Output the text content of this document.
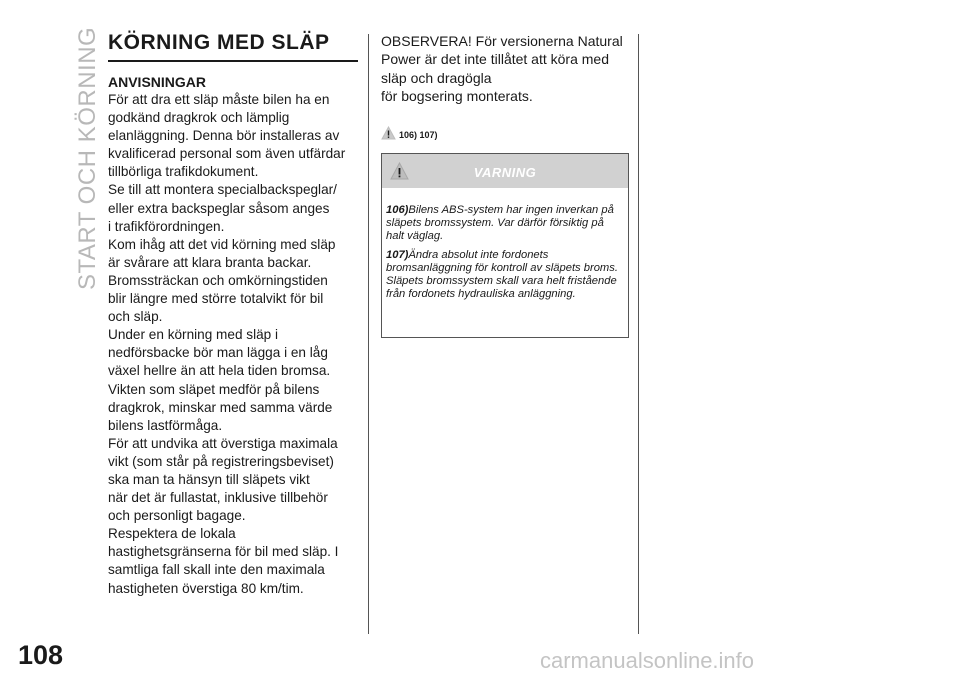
START OCH KÖRNING
108
KÖRNING MED SLÄP
ANVISNINGAR
För att dra ett släp måste bilen ha en
godkänd dragkrok och lämplig
elanläggning. Denna bör installeras av
kvalificerad personal som även utfärdar
tillbörliga trafikdokument.
Se till att montera specialbackspeglar/
eller extra backspeglar såsom anges
i trafikförordningen.
Kom ihåg att det vid körning med släp
är svårare att klara branta backar.
Bromssträckan och omkörningstiden
blir längre med större totalvikt för bil
och släp.
Under en körning med släp i
nedförsbacke bör man lägga i en låg
växel hellre än att hela tiden bromsa.
Vikten som släpet medför på bilens
dragkrok, minskar med samma värde
bilens lastförmåga.
För att undvika att överstiga maximala
vikt (som står på registreringsbeviset)
ska man ta hänsyn till släpets vikt
när det är fullastat, inklusive tillbehör
och personligt bagage.
Respektera de lokala
hastighetsgränserna för bil med släp. I
samtliga fall skall inte den maximala
hastigheten överstiga 80 km/tim.
OBSERVERA! För versionerna Natural
Power är det inte tillåtet att köra med
släp och dragögla
för bogsering monterats.
106) 107)
VARNING
106)Bilens ABS-system har ingen inverkan på släpets bromssystem. Var därför försiktig på halt väglag.
107)Ändra absolut inte fordonets bromsanläggning för kontroll av släpets broms. Släpets bromssystem skall vara helt fristående från fordonets hydrauliska anläggning.
carmanualsonline.info
